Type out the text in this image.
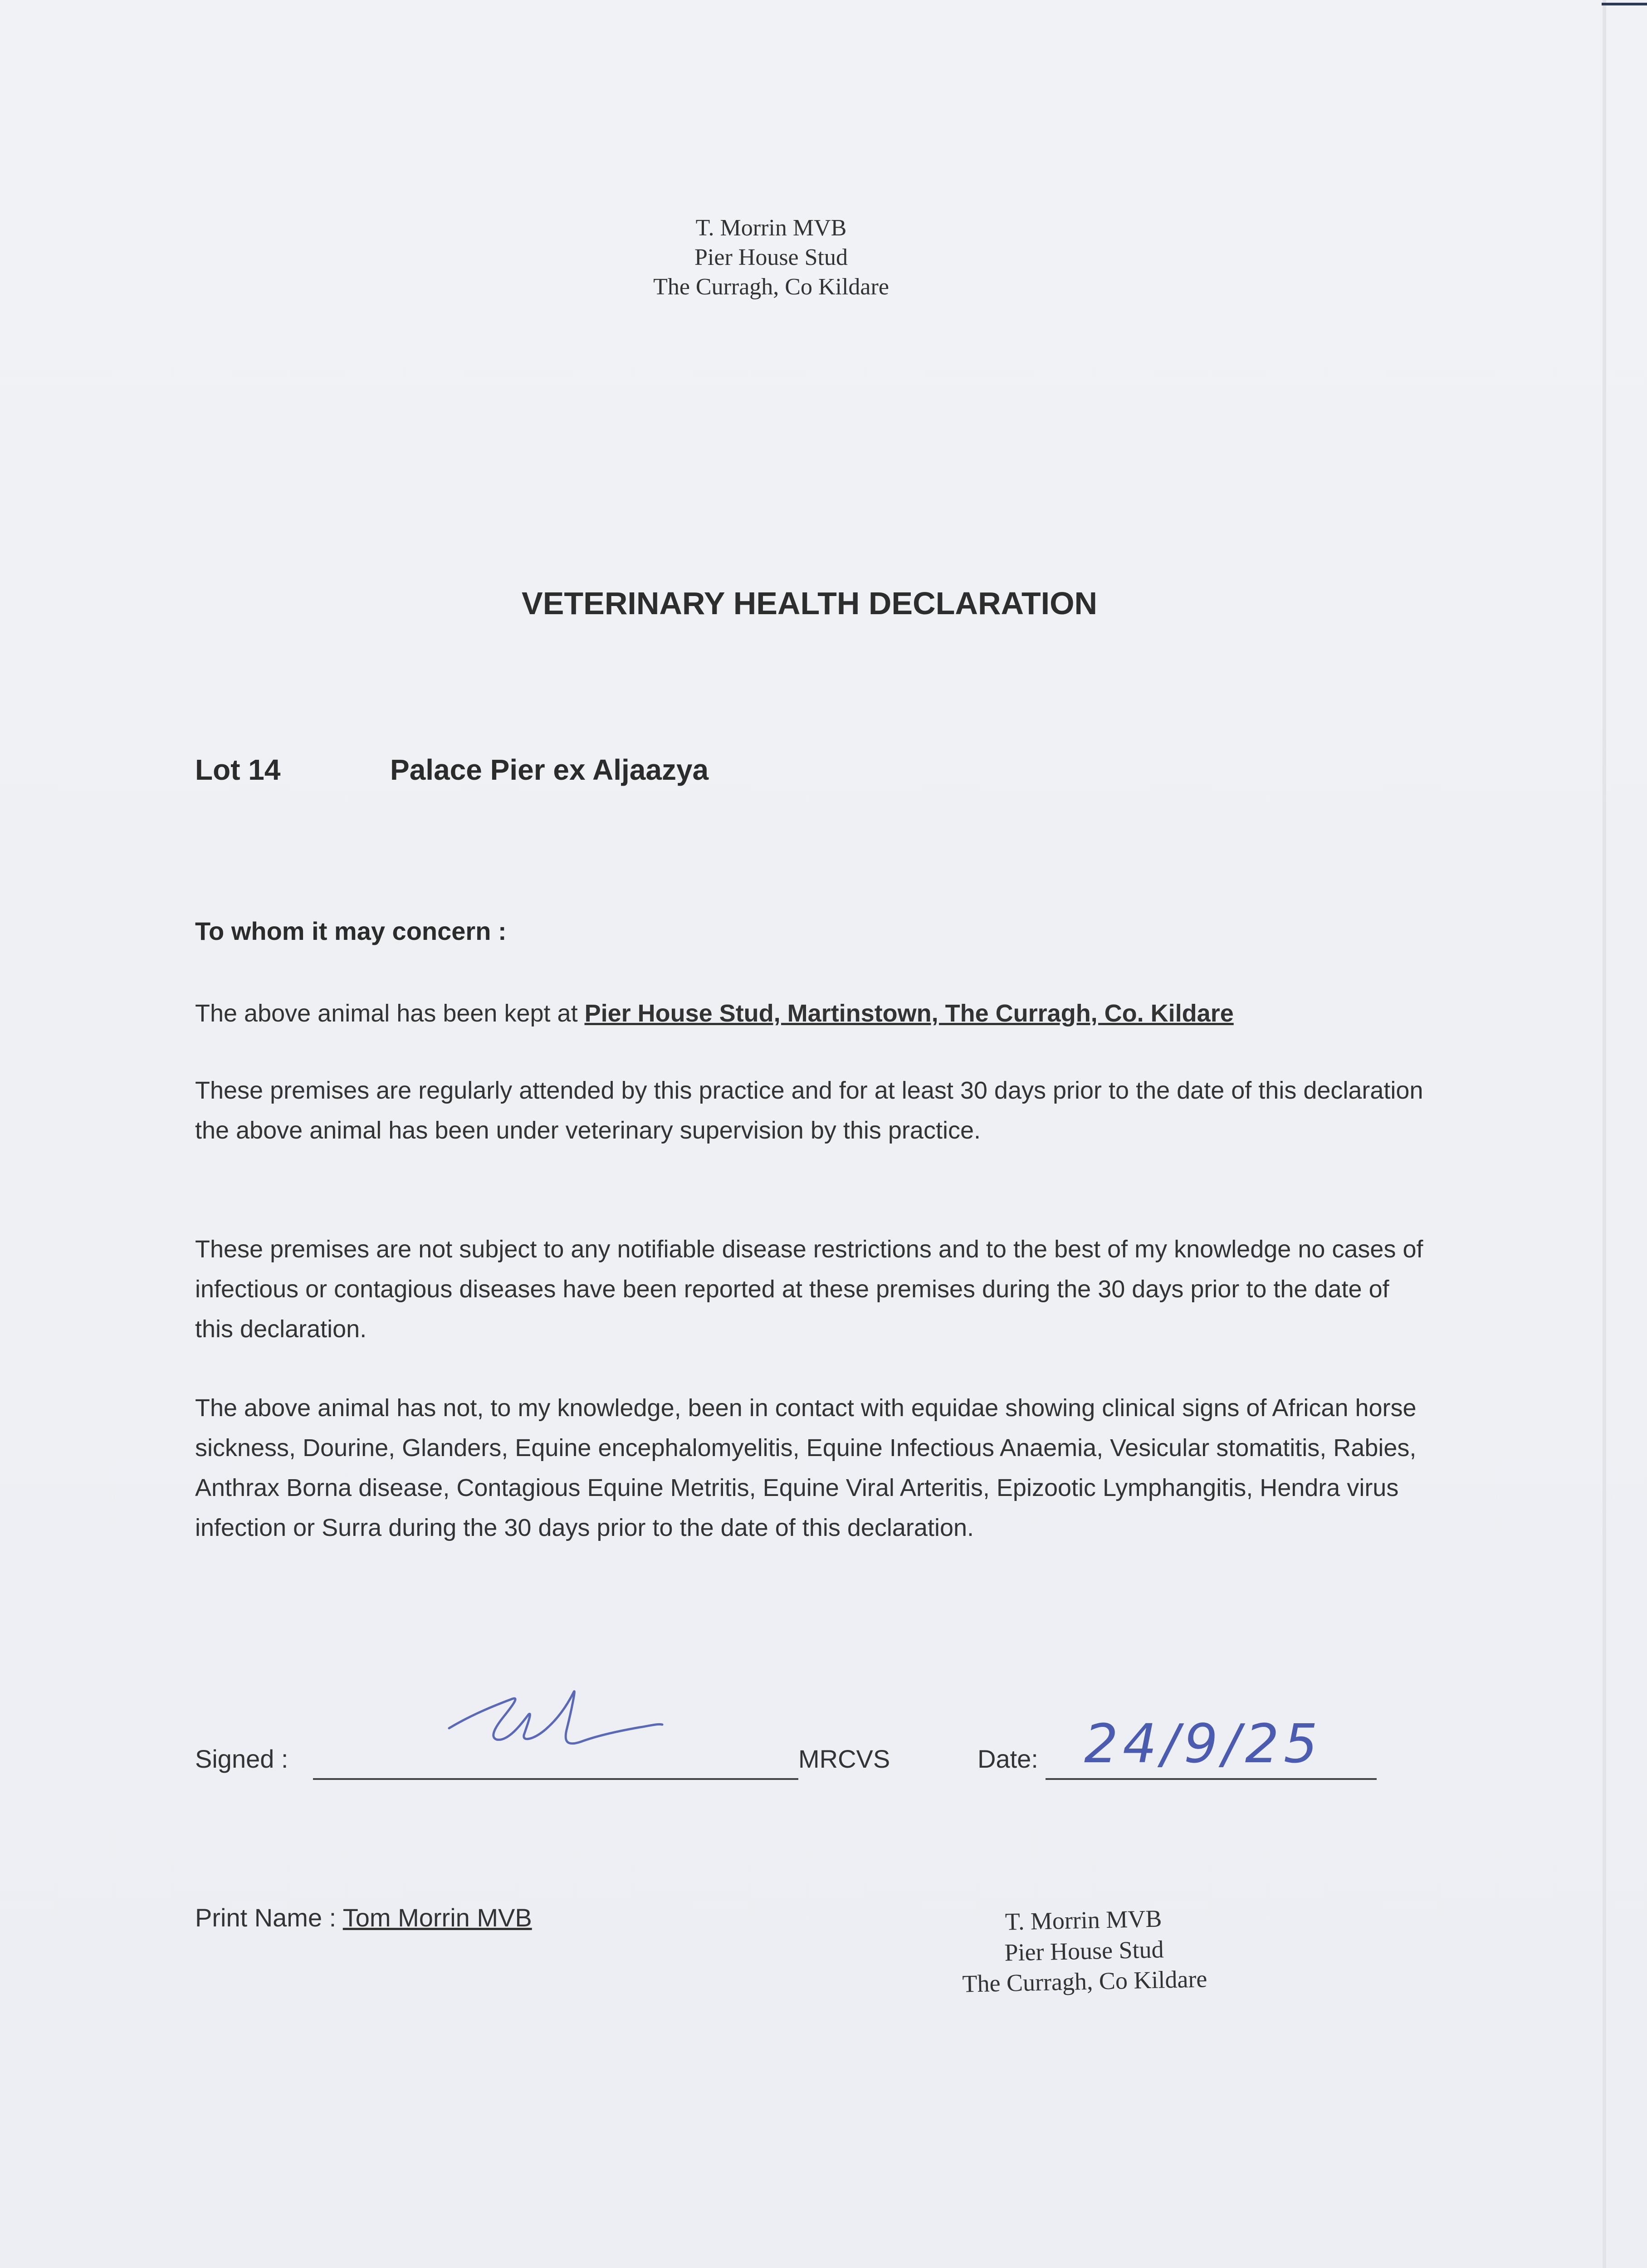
T. Morrin MVB
Pier House Stud
The Curragh, Co Kildare
VETERINARY HEALTH DECLARATION
Lot 14	Palace Pier ex Aljaazya
To whom it may concern :
The above animal has been kept at Pier House Stud, Martinstown, The Curragh, Co. Kildare

These premises are regularly attended by this practice and for at least 30 days prior to the date of this declaration the above animal has been under veterinary supervision by this practice.

These premises are not subject to any notifiable disease restrictions and to the best of my knowledge no cases of infectious or contagious diseases have been reported at these premises during the 30 days prior to the date of this declaration.

The above animal has not, to my knowledge, been in contact with equidae showing clinical signs of African horse sickness, Dourine, Glanders, Equine encephalomyelitis, Equine Infectious Anaemia, Vesicular stomatitis, Rabies, Anthrax Borna disease, Contagious Equine Metritis, Equine Viral Arteritis, Epizootic Lymphangitis, Hendra virus infection or Surra during the 30 days prior to the date of this declaration.

Signed :	MRCVS	Date: 24/9/25
Print Name : Tom Morrin MVB	T. Morrin MVB
Pier House Stud
The Curragh, Co Kildare
